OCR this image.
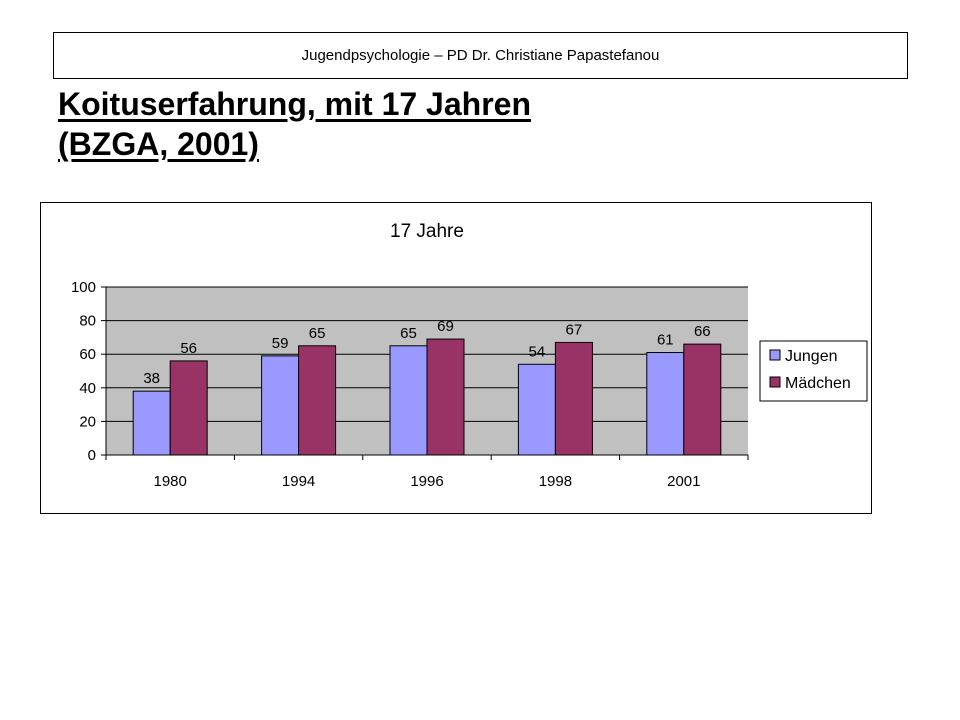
Jugendpsychologie – PD Dr. Christiane Papastefanou
Koituserfahrung, mit 17 Jahren
(BZGA, 2001)
17 Jahre
0
20
40
60
80
100
38
56
1980
59
65
1994
65 69
1996
54
67
1998
61 66
2001
Jungen
Mädchen
